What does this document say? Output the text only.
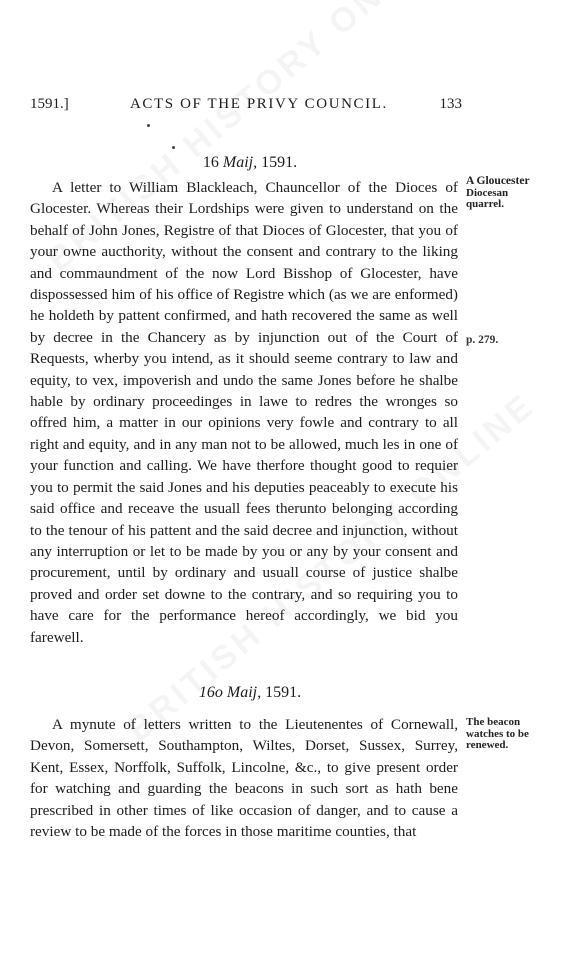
1591.]	ACTS OF THE PRIVY COUNCIL.	133
16 Maij, 1591.
A Gloucester
Diocesan
quarrel.
p. 279.

A letter to William Blackleach, Chauncellor of the Dioces of Glocester. Whereas their Lordships were given to understand on the behalf of John Jones, Registre of that Dioces of Glocester, that you of your owne aucthority, without the consent and contrary to the liking and commaundment of the now Lord Bisshop of Glocester, have dispossessed him of his office of Registre which (as we are enformed) he holdeth by pattent confirmed, and hath recovered the same as well by decree in the Chancery as by injunction out of the Court of Requests, wherby you intend, as it should seeme contrary to law and equity, to vex, impoverish and undo the same Jones before he shalbe hable by ordinary proceedinges in lawe to redres the wronges so offred him, a matter in our opinions very fowle and contrary to all right and equity, and in any man not to be allowed, much les in one of your function and calling. We have therfore thought good to requier you to permit the said Jones and his deputies peaceably to execute his said office and receave the usuall fees therunto belonging according to the tenour of his pattent and the said decree and injunction, without any interruption or let to be made by you or any by your consent and procurement, until by ordinary and usuall course of justice shalbe proved and order set downe to the contrary, and so requiring you to have care for the performance hereof accordingly, we bid you farewell.

16o Maij, 1591.
The beacon
watches to be
renewed.

A mynute of letters written to the Lieutenentes of Cornewall, Devon, Somersett, Southampton, Wiltes, Dorset, Sussex, Surrey, Kent, Essex, Norffolk, Suffolk, Lincolne, &c., to give present order for watching and guarding the beacons in such sort as hath bene prescribed in other times of like occasion of danger, and to cause a review to be made of the forces in those maritime counties, that
